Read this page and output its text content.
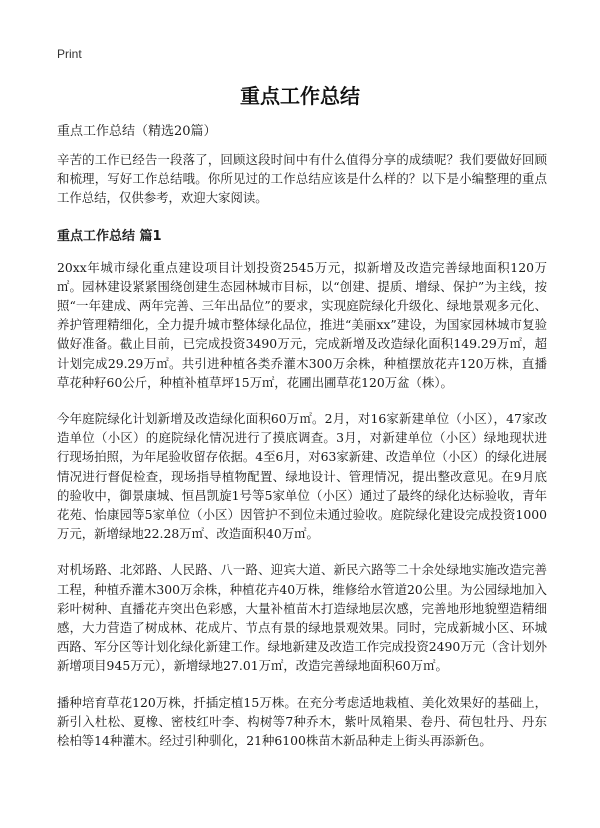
Print
重点工作总结
重点工作总结（精选20篇）

辛苦的工作已经告一段落了，回顾这段时间中有什么值得分享的成绩呢？我们要做好回顾和梳理，写好工作总结哦。你所见过的工作总结应该是什么样的？以下是小编整理的重点工作总结，仅供参考，欢迎大家阅读。

重点工作总结 篇1

20xx年城市绿化重点建设项目计划投资2545万元，拟新增及改造完善绿地面积120万㎡。园林建设紧紧围绕创建生态园林城市目标，以“创建、提质、增绿、保护”为主线，按照“一年建成、两年完善、三年出品位”的要求，实现庭院绿化升级化、绿地景观多元化、养护管理精细化，全力提升城市整体绿化品位，推进“美丽xx”建设，为国家园林城市复验做好准备。截止目前，已完成投资3490万元，完成新增及改造绿化面积149.29万㎡，超计划完成29.29万㎡。共引进种植各类乔灌木300万余株，种植摆放花卉120万株，直播草花种籽60公斤，种植补植草坪15万㎡，花圃出圃草花120万盆（株）。

今年庭院绿化计划新增及改造绿化面积60万㎡。2月，对16家新建单位（小区），47家改造单位（小区）的庭院绿化情况进行了摸底调查。3月，对新建单位（小区）绿地现状进行现场拍照，为年尾验收留存依据。4至6月，对63家新建、改造单位（小区）的绿化进展情况进行督促检查，现场指导植物配置、绿地设计、管理情况，提出整改意见。在9月底的验收中，御景康城、恒昌凯旋1号等5家单位（小区）通过了最终的绿化达标验收，青年花苑、怡康园等5家单位（小区）因管护不到位未通过验收。庭院绿化建设完成投资1000万元，新增绿地22.28万㎡、改造面积40万㎡。

对机场路、北郊路、人民路、八一路、迎宾大道、新民六路等二十余处绿地实施改造完善工程，种植乔灌木300万余株，种植花卉40万株，维修给水管道20公里。为公园绿地加入彩叶树种、直播花卉突出色彩感，大量补植苗木打造绿地层次感，完善地形地貌塑造精细感，大力营造了树成林、花成片、节点有景的绿地景观效果。同时，完成新城小区、环城西路、军分区等计划化绿化新建工作。绿地新建及改造工作完成投资2490万元（含计划外新增项目945万元），新增绿地27.01万㎡，改造完善绿地面积60万㎡。

播种培育草花120万株，扦插定植15万株。在充分考虑适地栽植、美化效果好的基础上，新引入杜松、夏橡、密枝红叶李、构树等7种乔木，紫叶凤箱果、卷丹、荷包牡丹、丹东桧柏等14种灌木。经过引种驯化，21种6100株苗木新品种走上街头再添新色。
